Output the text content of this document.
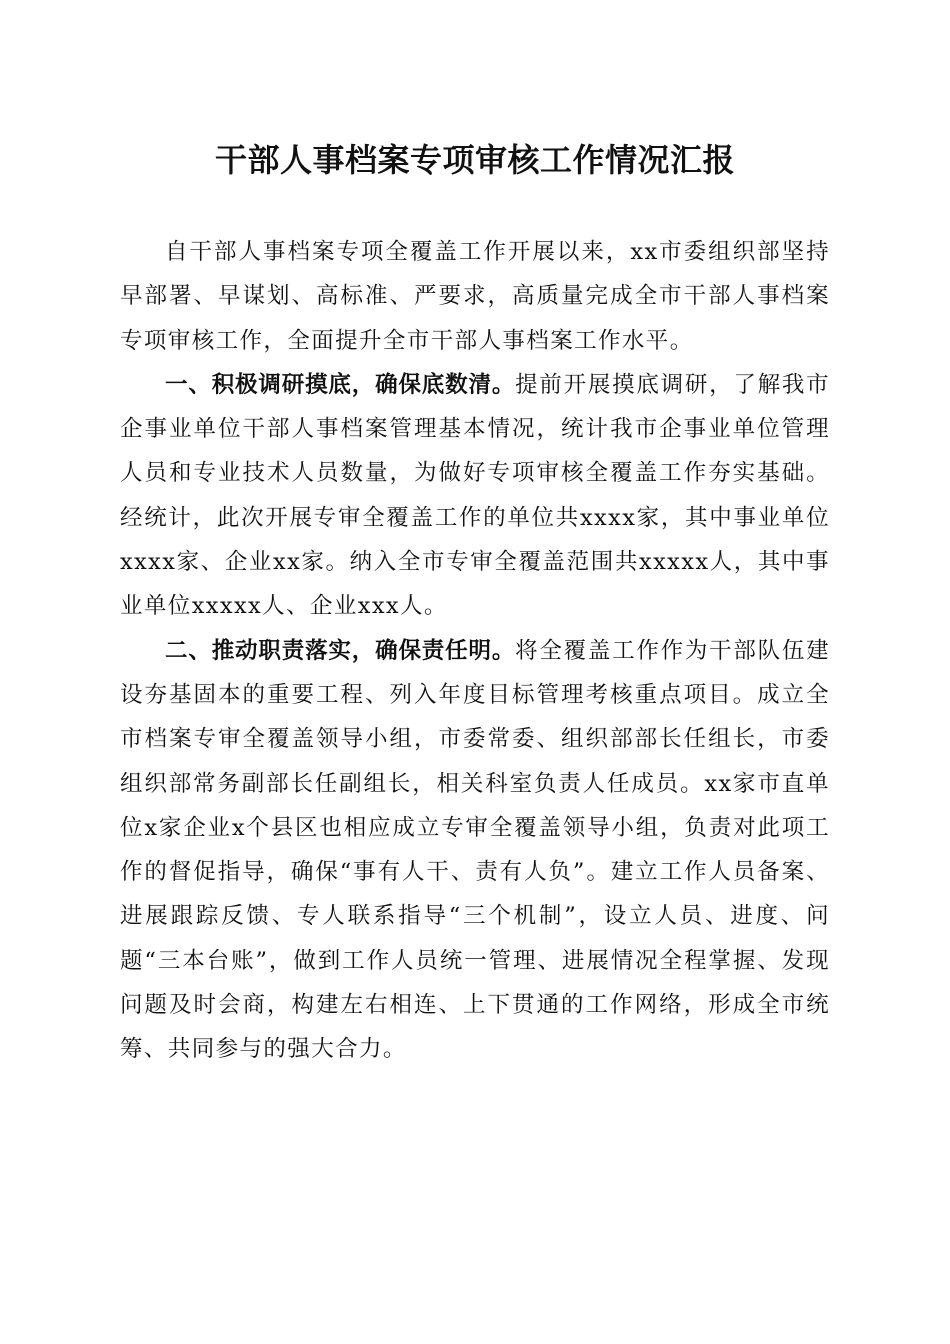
干部人事档案专项审核工作情况汇报

自干部人事档案专项全覆盖工作开展以来，xx市委组织部坚持早部署、早谋划、高标准、严要求，高质量完成全市干部人事档案专项审核工作，全面提升全市干部人事档案工作水平。

一、积极调研摸底，确保底数清。提前开展摸底调研，了解我市企事业单位干部人事档案管理基本情况，统计我市企事业单位管理人员和专业技术人员数量，为做好专项审核全覆盖工作夯实基础。经统计，此次开展专审全覆盖工作的单位共xxxx家，其中事业单位xxxx家、企业xx家。纳入全市专审全覆盖范围共xxxxx人，其中事业单位xxxxx人、企业xxx人。

二、推动职责落实，确保责任明。将全覆盖工作作为干部队伍建设夯基固本的重要工程、列入年度目标管理考核重点项目。成立全市档案专审全覆盖领导小组，市委常委、组织部部长任组长，市委组织部常务副部长任副组长，相关科室负责人任成员。xx家市直单位x家企业x个县区也相应成立专审全覆盖领导小组，负责对此项工作的督促指导，确保“事有人干、责有人负”。建立工作人员备案、进展跟踪反馈、专人联系指导“三个机制”，设立人员、进度、问题“三本台账”，做到工作人员统一管理、进展情况全程掌握、发现问题及时会商，构建左右相连、上下贯通的工作网络，形成全市统筹、共同参与的强大合力。
